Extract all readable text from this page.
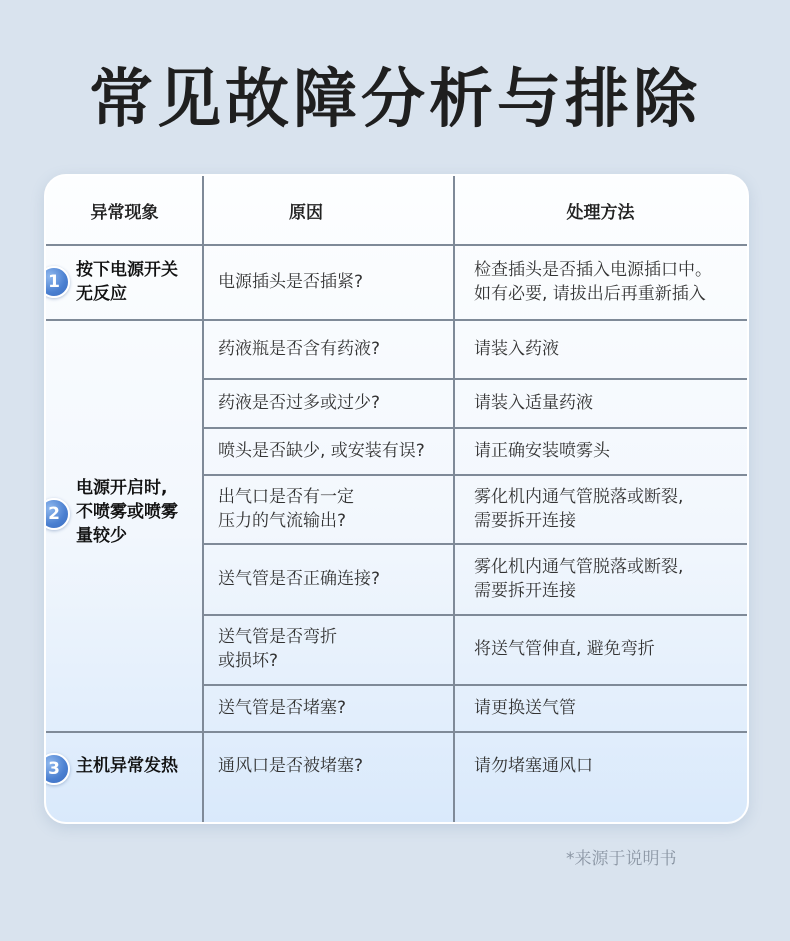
常见故障分析与排除
异常现象	原因	处理方法
1
按下电源开关
无反应
2
电源开启时,
不喷雾或喷雾
量较少
3 主机异常发热
电源插头是否插紧?
药液瓶是否含有药液?
药液是否过多或过少?
喷头是否缺少, 或安装有误?
出气口是否有一定
压力的气流输出?
送气管是否正确连接?
送气管是否弯折
或损坏?
送气管是否堵塞?
通风口是否被堵塞?
检查插头是否插入电源插口中。
如有必要, 请拔出后再重新插入
请装入药液
请装入适量药液
请正确安装喷雾头
雾化机内通气管脱落或断裂,
需要拆开连接
雾化机内通气管脱落或断裂,
需要拆开连接
将送气管伸直, 避免弯折
请更换送气管
请勿堵塞通风口
*来源于说明书
